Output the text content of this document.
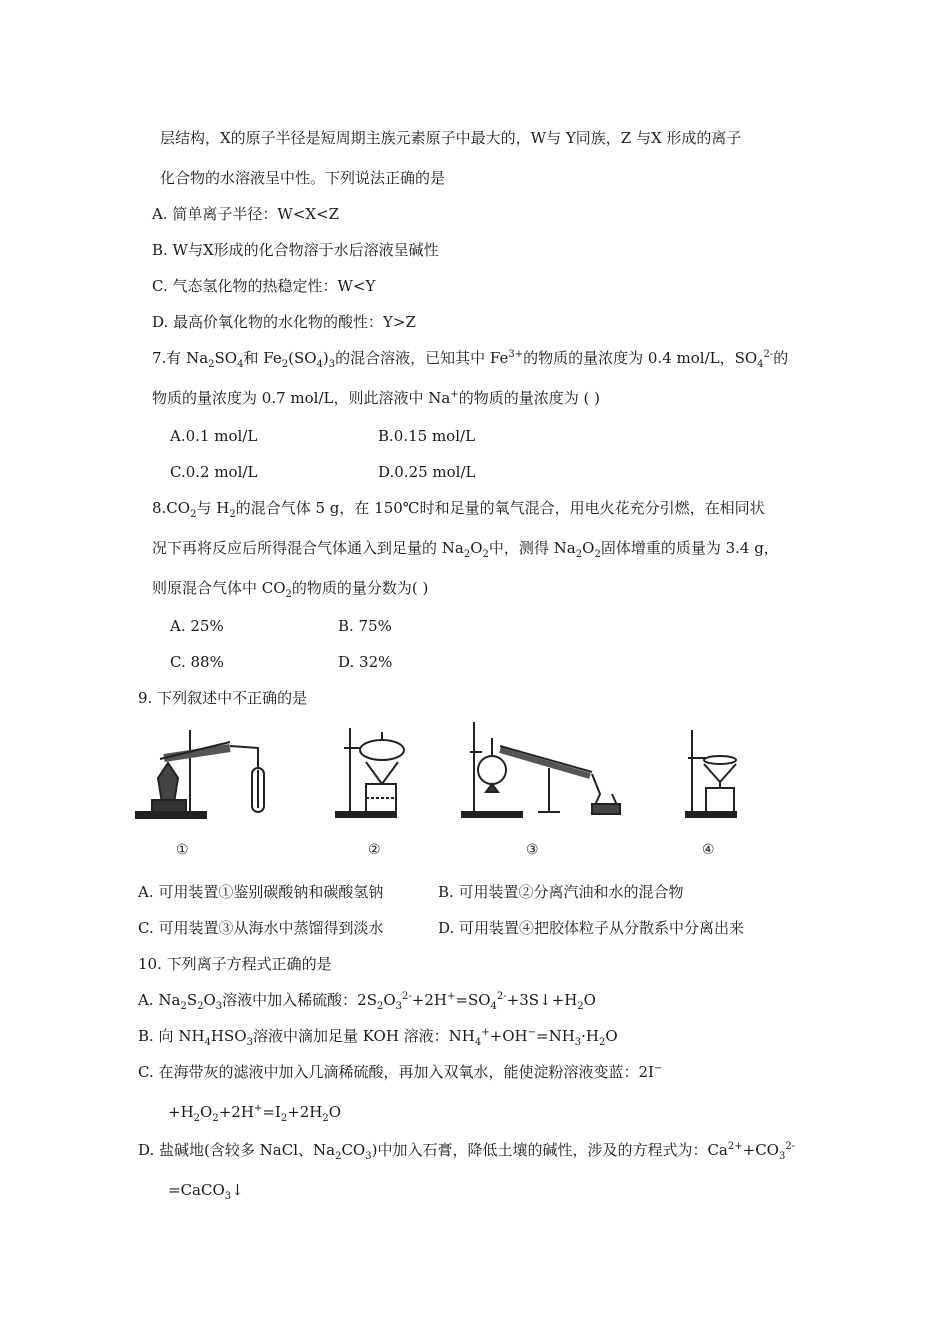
层结构，X的原子半径是短周期主族元素原子中最大的，W与 Y同族，Z 与X 形成的离子
化合物的水溶液呈中性。下列说法正确的是
A. 简单离子半径：W<X<Z
B. W与X形成的化合物溶于水后溶液呈碱性
C. 气态氢化物的热稳定性：W<Y
D. 最高价氧化物的水化物的酸性：Y>Z
7.有 $Na_2SO_4$和 $Fe_2(SO_4)_3$的混合溶液，已知其中 $Fe^{3+}$的物质的量浓度为 0.4 mol/L，$SO_4^{2-}$的
物质的量浓度为 0.7 mol/L，则此溶液中 Na+的物质的量浓度为 ( )
A.0.1 mol/L	B.0.15 mol/L
C.0.2 mol/L	D.0.25 mol/L
$8.CO_2$与 $H_2$的混合气体 5 g，在 150℃时和足量的氧气混合，用电火花充分引燃，在相同状
况下再将反应后所得混合气体通入到足量的 $Na_2O_2$中，测得 $Na_2O_2$固体增重的质量为 3.4 g，
则原混合气体中 $CO_2$的物质的量分数为( )
A. 25%	B. 75%
C. 88%	D. 32%
9. 下列叙述中不正确的是
①	②	③	④
A. 可用装置①鉴别碳酸钠和碳酸氢钠	B. 可用装置②分离汽油和水的混合物
C. 可用装置③从海水中蒸馏得到淡水	D. 可用装置④把胶体粒子从分散系中分离出来
10. 下列离子方程式正确的是
A. $Na_2S_2O_3$溶液中加入稀硫酸：$2S_2O_3^{2-}+2H^+=SO_4^{2-}+3S↓+H_2O$
B. 向 $NH_4HSO_3$溶液中滴加足量 KOH 溶液：$NH_4^++OH^-=NH_3\cdot H_2O$
C. 在海带灰的滤液中加入几滴稀硫酸，再加入双氧水，能使淀粉溶液变蓝：2I−
$+H_2O_2+2H^+=I_2+2H_2O$
D. 盐碱地(含较多 NaCl、$Na_2CO_3$)中加入石膏，降低土壤的碱性，涉及的方程式为：$Ca^{2+}+CO_3^{2-}$
=CaCO$_3$↓
